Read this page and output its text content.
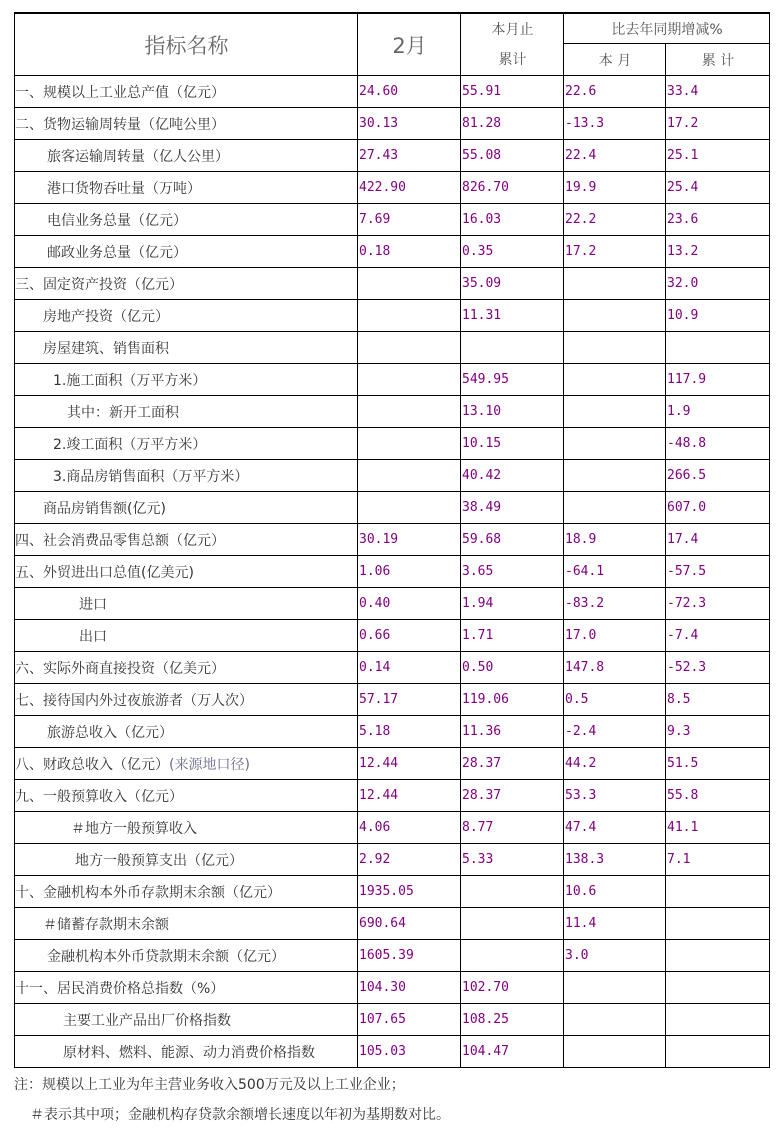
指标名称	2月	本月止	比去年同期增减%	
		累计	本 月	累 计
一、规模以上工业总产值（亿元）	24.60	55.91	22.6	33.4
二、货物运输周转量（亿吨公里）	30.13	81.28	-13.3	17.2
旅客运输周转量（亿人公里）	27.43	55.08	22.4	25.1
港口货物吞吐量（万吨）	422.90	826.70	19.9	25.4
电信业务总量（亿元）	7.69	16.03	22.2	23.6
邮政业务总量（亿元）	0.18	0.35	17.2	13.2
三、固定资产投资（亿元）		35.09		32.0
房地产投资（亿元）		11.31		10.9
房屋建筑、销售面积				
1.施工面积（万平方米）		549.95		117.9
其中：新开工面积		13.10		1.9
2.竣工面积（万平方米）		10.15		-48.8
3.商品房销售面积（万平方米）		40.42		266.5
商品房销售额(亿元)		38.49		607.0
四、社会消费品零售总额（亿元）	30.19	59.68	18.9	17.4
五、外贸进出口总值(亿美元)	1.06	3.65	-64.1	-57.5
进口	0.40	1.94	-83.2	-72.3
出口	0.66	1.71	17.0	-7.4
六、实际外商直接投资（亿美元）	0.14	0.50	147.8	-52.3
七、接待国内外过夜旅游者（万人次）	57.17	119.06	0.5	8.5
旅游总收入（亿元）	5.18	11.36	-2.4	9.3
八、财政总收入（亿元）(来源地口径)	12.44	28.37	44.2	51.5
九、一般预算收入（亿元）	12.44	28.37	53.3	55.8
＃地方一般预算收入	4.06	8.77	47.4	41.1
地方一般预算支出（亿元）	2.92	5.33	138.3	7.1
十、金融机构本外币存款期末余额（亿元）	1935.05		10.6	
＃储蓄存款期末余额	690.64		11.4	
金融机构本外币贷款期末余额（亿元）	1605.39		3.0	
十一、居民消费价格总指数（%）	104.30	102.70		
主要工业产品出厂价格指数	107.65	108.25		
原材料、燃料、能源、动力消费价格指数	105.03	104.47		
注：规模以上工业为年主营业务收入500万元及以上工业企业；
＃表示其中项；金融机构存贷款余额增长速度以年初为基期数对比。
